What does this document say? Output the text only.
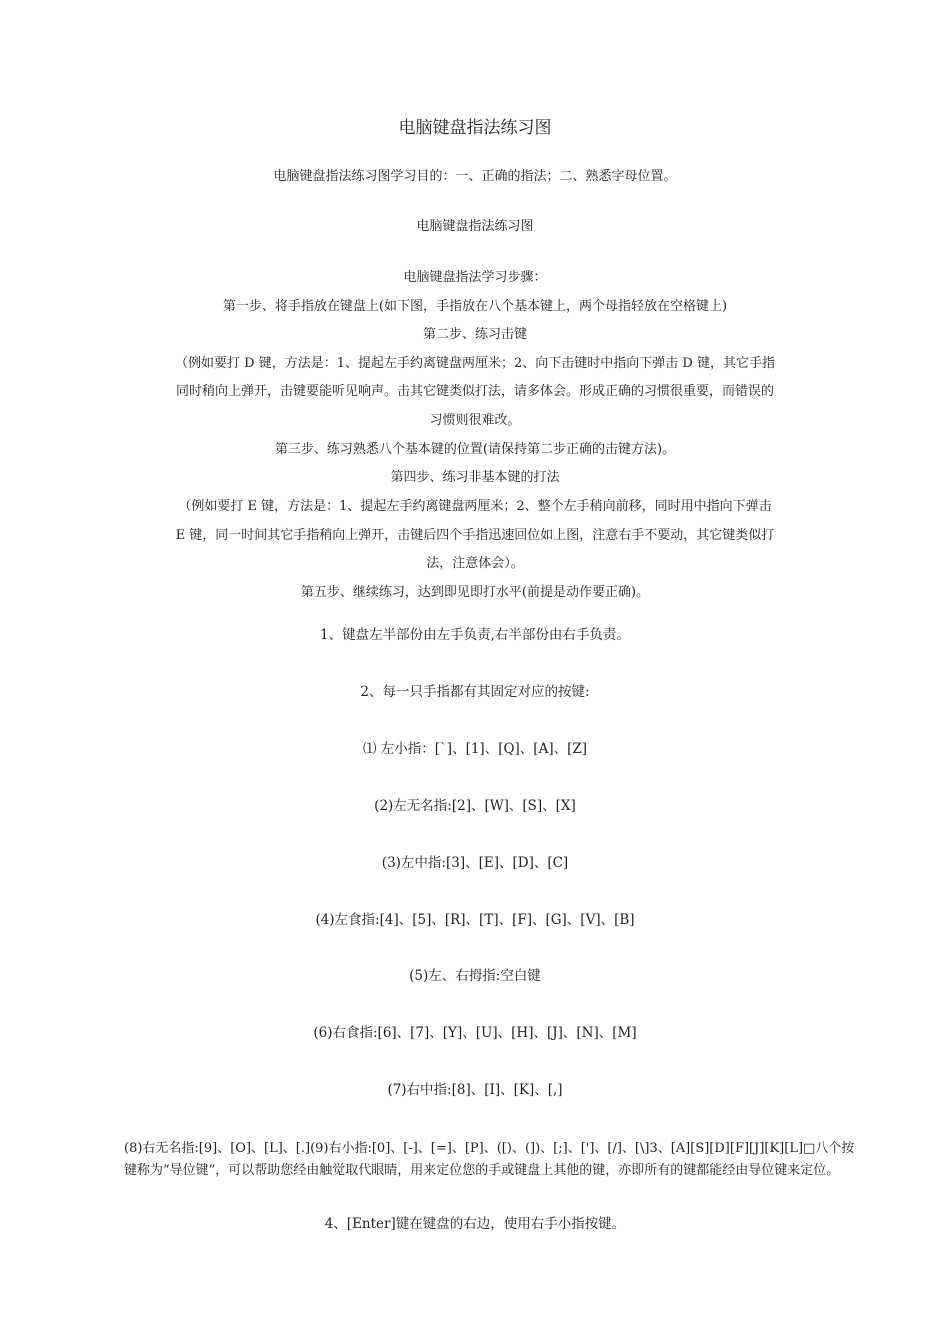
电脑键盘指法练习图
电脑键盘指法练习图学习目的：一、正确的指法；二、熟悉字母位置。
电脑键盘指法练习图
电脑键盘指法学习步骤：
第一步、将手指放在键盘上(如下图，手指放在八个基本键上，两个母指轻放在空格键上)
第二步、练习击键
（例如要打 D 键，方法是：1、提起左手约离键盘两厘米；2、向下击键时中指向下弹击 D 键，其它手指
同时稍向上弹开，击键要能听见响声。击其它键类似打法，请多体会。形成正确的习惯很重要，而错误的
习惯则很难改。
第三步、练习熟悉八个基本键的位置(请保持第二步正确的击键方法)。
第四步、练习非基本键的打法
（例如要打 E 键，方法是：1、提起左手约离键盘两厘米；2、整个左手稍向前移，同时用中指向下弹击
E 键，同一时间其它手指稍向上弹开，击键后四个手指迅速回位如上图，注意右手不要动，其它键类似打
法，注意体会）。
第五步、继续练习，达到即见即打水平(前提是动作要正确)。
1、键盘左半部份由左手负责,右半部份由右手负责。
2、每一只手指都有其固定对应的按键:
⑴ 左小指：[`]、[1]、[Q]、[A]、[Z]
(2)左无名指:[2]、[W]、[S]、[X]
(3)左中指:[3]、[E]、[D]、[C]
(4)左食指:[4]、[5]、[R]、[T]、[F]、[G]、[V]、[B]
(5)左、右拇指:空白键
(6)右食指:[6]、[7]、[Y]、[U]、[H]、[J]、[N]、[M]
(7)右中指:[8]、[I]、[K]、[,]
(8)右无名指:[9]、[O]、[L]、[.](9)右小指:[0]、[-]、[=]、[P]、([)、(])、[;]、[']、[/]、[\]3、[A][S][D][F][J][K][L]□八个按
键称为“导位键”，可以帮助您经由触觉取代眼睛，用来定位您的手或键盘上其他的键，亦即所有的键都能经由导位键来定位。
4、[Enter]键在键盘的右边，使用右手小指按键。
